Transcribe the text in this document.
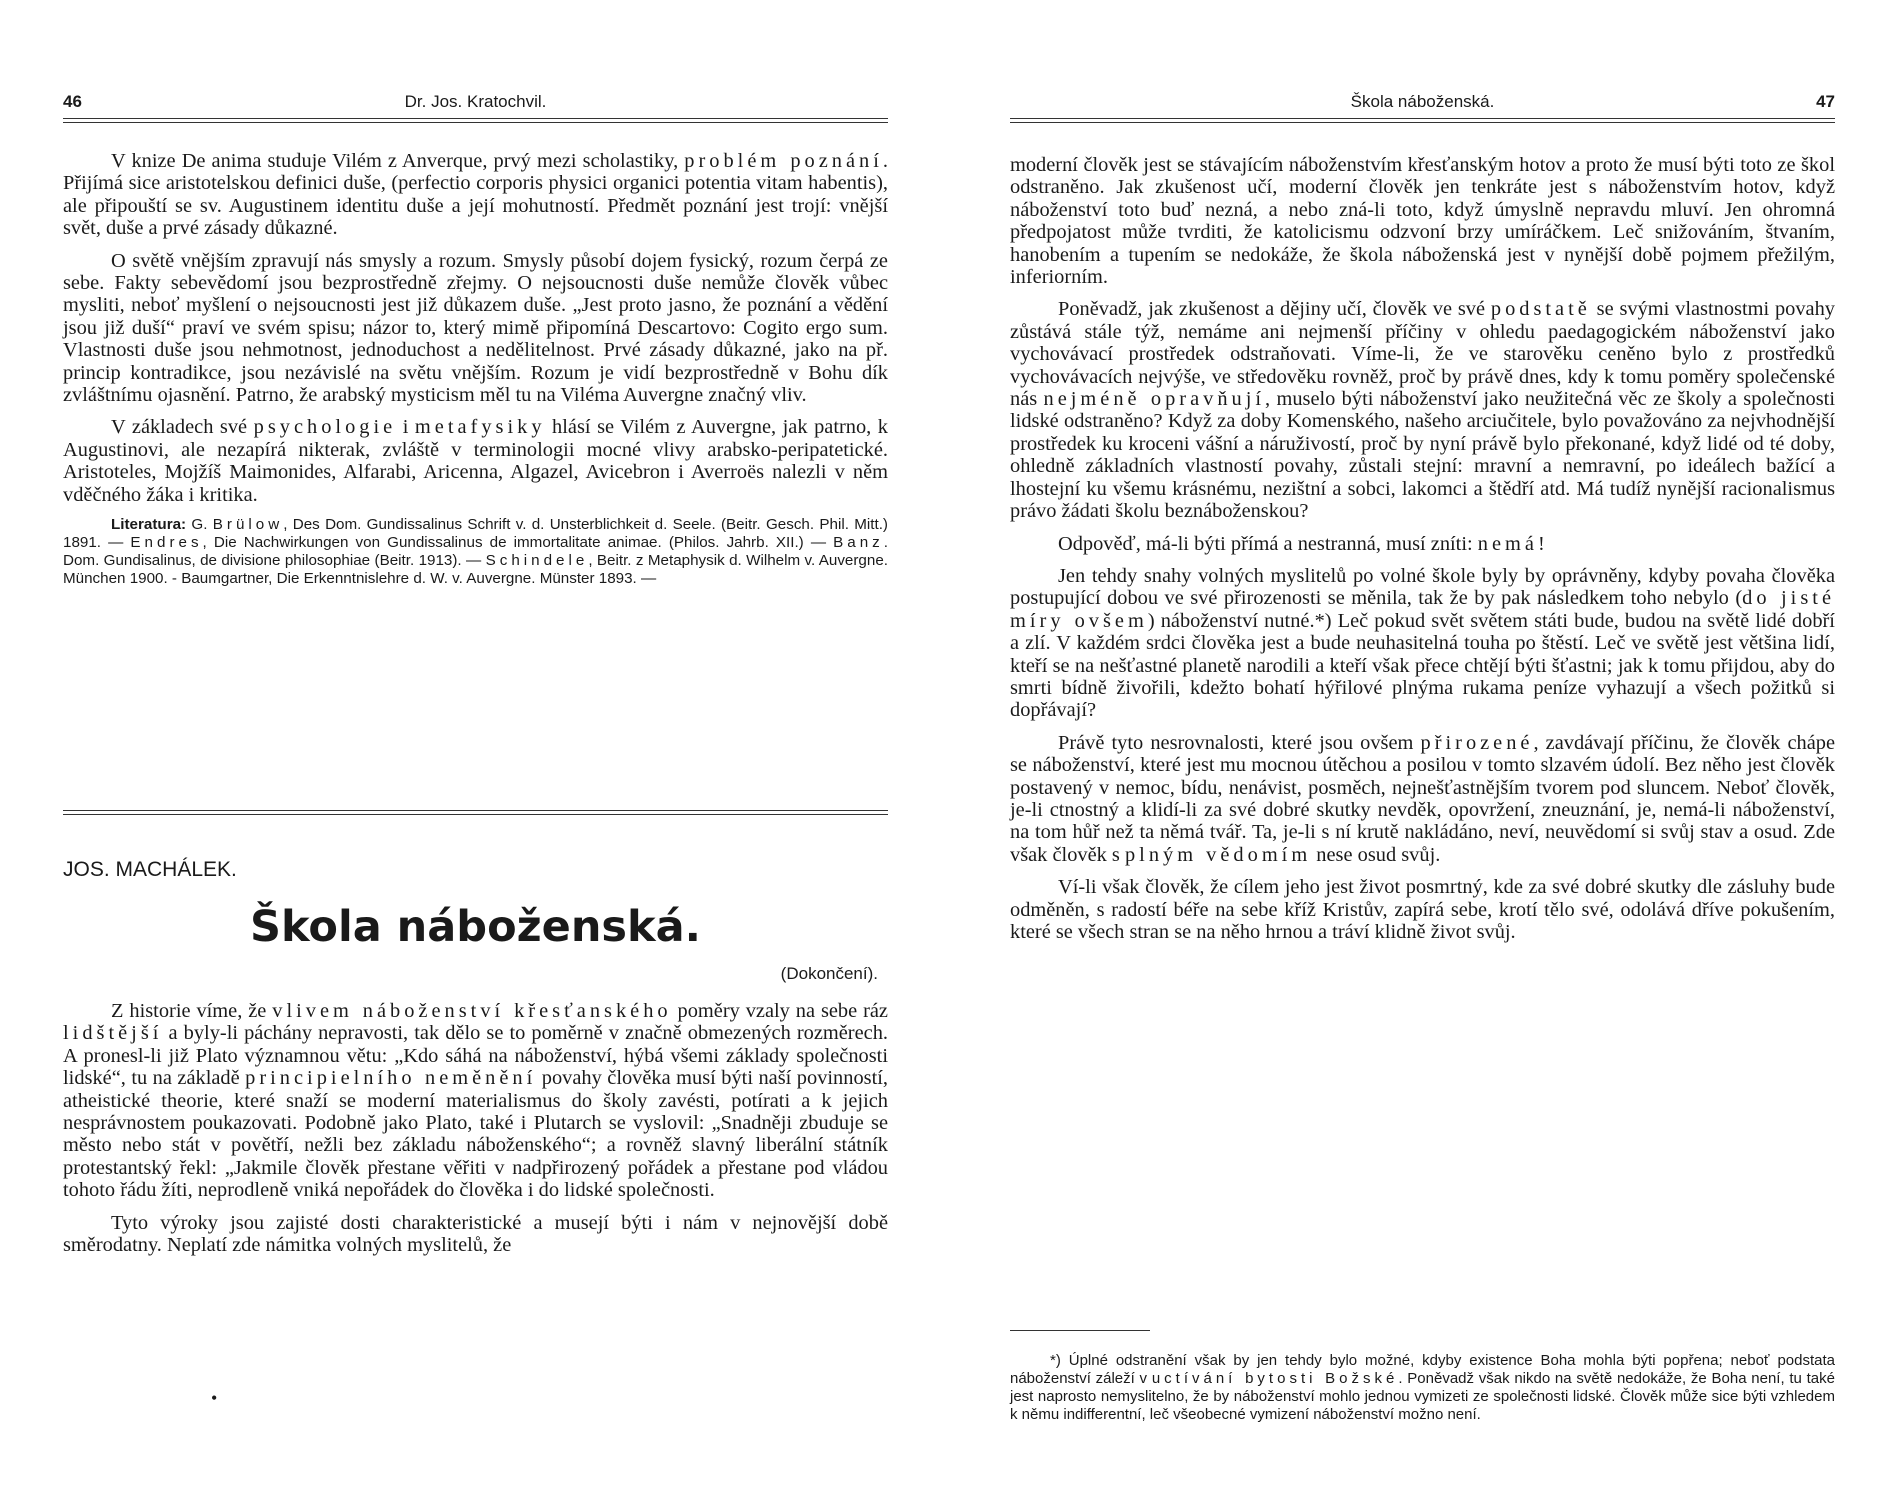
46	Dr. Jos. Kratochvil.

V knize De anima studuje Vilém z Anverque, prvý mezi scholastiky, problém poznání. Přijímá sice aristotelskou definici duše, (perfectio corporis physici organici potentia vitam habentis), ale připouští se sv. Augustinem identitu duše a její mohutností. Předmět poznání jest trojí: vnější svět, duše a prvé zásady důkazné.

O světě vnějším zpravují nás smysly a rozum. Smysly působí dojem fysický, rozum čerpá ze sebe. Fakty sebevědomí jsou bezprostředně zřejmy. O nejsoucnosti duše nemůže člověk vůbec mysliti, neboť myšlení o nejsoucnosti jest již důkazem duše. „Jest proto jasno, že poznání a vědění jsou již duší“ praví ve svém spisu; názor to, který mimě připomíná Descartovo: Cogito ergo sum. Vlastnosti duše jsou nehmotnost, jednoduchost a nedělitelnost. Prvé zásady důkazné, jako na př. princip kontradikce, jsou nezávislé na světu vnějším. Rozum je vidí bezprostředně v Bohu dík zvláštnímu ojasnění. Patrno, že arabský mysticism měl tu na Viléma Auvergne značný vliv.

V základech své psychologie i metafysiky hlásí se Vilém z Auvergne, jak patrno, k Augustinovi, ale nezapírá nikterak, zvláště v terminologii mocné vlivy arabsko-peripatetické. Aristoteles, Mojžíš Maimonides, Alfarabi, Aricenna, Algazel, Avicebron i Averroës nalezli v něm vděčného žáka i kritika.

Literatura: G. Brülow, Des Dom. Gundissalinus Schrift v. d. Unsterblichkeit d. Seele. (Beitr. Gesch. Phil. Mitt.) 1891. — Endres, Die Nachwirkungen von Gundissalinus de immortalitate animae. (Philos. Jahrb. XII.) — Banz. Dom. Gundisalinus, de divisione philosophiae (Beitr. 1913). — Schindele, Beitr. z Metaphysik d. Wilhelm v. Auvergne. München 1900. - Baumgartner, Die Erkenntnislehre d. W. v. Auvergne. Münster 1893. —

JOS. MACHÁLEK.
Škola náboženská.
(Dokončení).

Z historie víme, že vlivem náboženství křesťanského poměry vzaly na sebe ráz lidštější a byly-li páchány nepravosti, tak dělo se to poměrně v značně obmezených rozměrech. A pronesl-li již Plato významnou větu: „Kdo sáhá na náboženství, hýbá všemi základy společnosti lidské“, tu na základě principielního neměnění povahy člověka musí býti naší povinností, atheistické theorie, které snaží se moderní materialismus do školy zavésti, potírati a k jejich nesprávnostem poukazovati. Podobně jako Plato, také i Plutarch se vyslovil: „Snadněji zbuduje se město nebo stát v povětří, nežli bez základu náboženského“; a rovněž slavný liberální státník protestantský řekl: „Jakmile člověk přestane věřiti v nadpřirozený pořádek a přestane pod vládou tohoto řádu žíti, neprodleně vniká nepořádek do člověka i do lidské společnosti.

Tyto výroky jsou zajisté dosti charakteristické a musejí býti i nám v nejnovější době směrodatny. Neplatí zde námitka volných myslitelů, že

•
Škola náboženská.	47

moderní člověk jest se stávajícím náboženstvím křesťanským hotov a proto že musí býti toto ze škol odstraněno. Jak zkušenost učí, moderní člověk jen tenkráte jest s náboženstvím hotov, když náboženství toto buď nezná, a nebo zná-li toto, když úmyslně nepravdu mluví. Jen ohromná předpojatost může tvrditi, že katolicismu odzvoní brzy umíráčkem. Leč snižováním, štvaním, hanobením a tupením se nedokáže, že škola náboženská jest v nynější době pojmem přežilým, inferiorním.

Poněvadž, jak zkušenost a dějiny učí, člověk ve své podstatě se svými vlastnostmi povahy zůstává stále týž, nemáme ani nejmenší příčiny v ohledu paedagogickém náboženství jako vychovávací prostředek odstraňovati. Víme-li, že ve starověku ceněno bylo z prostředků vychovávacích nejvýše, ve středověku rovněž, proč by právě dnes, kdy k tomu poměry společenské nás nejméně opravňují, muselo býti náboženství jako neužitečná věc ze školy a společnosti lidské odstraněno? Když za doby Komenského, našeho arciučitele, bylo považováno za nejvhodnější prostředek ku kroceni vášní a náruživostí, proč by nyní právě bylo překonané, když lidé od té doby, ohledně základních vlastností povahy, zůstali stejní: mravní a nemravní, po ideálech bažící a lhostejní ku všemu krásnému, nezištní a sobci, lakomci a štědří atd. Má tudíž nynější racionalismus právo žádati školu beznáboženskou?

Odpověď, má-li býti přímá a nestranná, musí zníti: nemá!

Jen tehdy snahy volných myslitelů po volné škole byly by oprávněny, kdyby povaha člověka postupující dobou ve své přirozenosti se měnila, tak že by pak následkem toho nebylo (do jisté míry ovšem) náboženství nutné.*) Leč pokud svět světem státi bude, budou na světě lidé dobří a zlí. V každém srdci člověka jest a bude neuhasitelná touha po štěstí. Leč ve světě jest většina lidí, kteří se na nešťastné planetě narodili a kteří však přece chtějí býti šťastni; jak k tomu přijdou, aby do smrti bídně živořili, kdežto bohatí hýřilové plnýma rukama peníze vyhazují a všech požitků si dopřávají?

Právě tyto nesrovnalosti, které jsou ovšem přirozené, zavdávají příčinu, že člověk chápe se náboženství, které jest mu mocnou útěchou a posilou v tomto slzavém údolí. Bez něho jest člověk postavený v nemoc, bídu, nenávist, posměch, nejnešťastnějším tvorem pod sluncem. Neboť člověk, je-li ctnostný a klidí-li za své dobré skutky nevděk, opovržení, zneuznání, je, nemá-li náboženství, na tom hůř než ta němá tvář. Ta, je-li s ní krutě nakládáno, neví, neuvědomí si svůj stav a osud. Zde však člověk s plným vědomím nese osud svůj.

Ví-li však člověk, že cílem jeho jest život posmrtný, kde za své dobré skutky dle zásluhy bude odměněn, s radostí béře na sebe kříž Kristův, zapírá sebe, krotí tělo své, odolává dříve pokušením, které se všech stran se na něho hrnou a tráví klidně život svůj.

*) Úplné odstranění však by jen tehdy bylo možné, kdyby existence Boha mohla býti popřena; neboť podstata náboženství záleží v uctívání bytosti Božské. Poněvadž však nikdo na světě nedokáže, že Boha není, tu také jest naprosto nemyslitelno, že by náboženství mohlo jednou vymizeti ze společnosti lidské. Člověk může sice býti vzhledem k němu indifferentní, leč všeobecné vymizení náboženství možno není.
